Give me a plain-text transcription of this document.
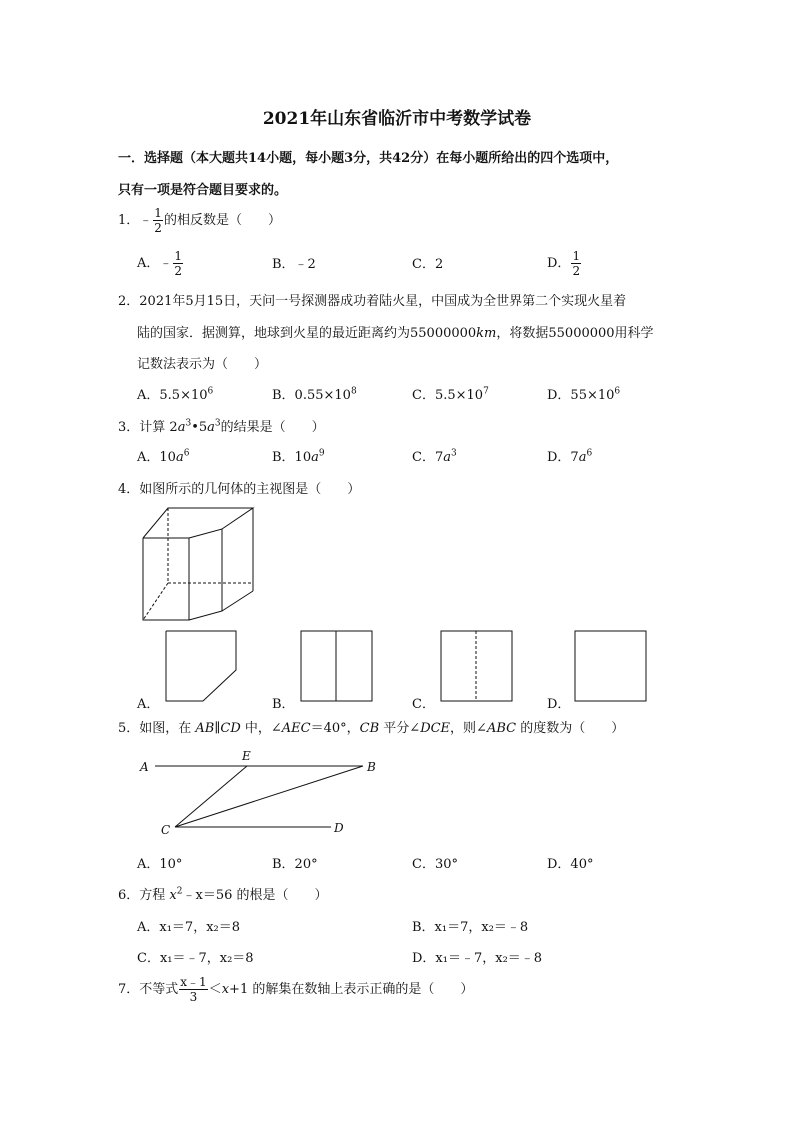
2021年山东省临沂市中考数学试卷
一．选择题（本大题共14小题，每小题3分，共42分）在每小题所给出的四个选项中，
只有一项是符合题目要求的。
1．﹣ $\frac{1}{2}$ 的相反数是（　　）
A．﹣ $\frac{1}{2}$	B．﹣2	C．2	D． $\frac{1}{2}$
2．2021年5月15日，天问一号探测器成功着陆火星，中国成为全世界第二个实现火星着
陆的国家．据测算，地球到火星的最近距离约为55000000km，将数据55000000用科学
记数法表示为（　　）
A．$5.5\times 10^6$	B．$0.55\times 10^8$	C．$5.5\times 10^7$	D．$55\times 10^6$
3．计算 $2a^3•5a^3$的结果是（　　）
A．$10a^6$	B．$10a^9$	C．$7a^3$	D．$7a^6$
4．如图所示的几何体的主视图是（　　）
A．	B．	C．	D．
5．如图，在 AB∥CD 中，∠AEC＝40°，CB 平分∠DCE，则∠ABC 的度数为（　　）
A
E
B
C	D
A．10°	B．20°	C．30°	D．40°
6．方程 $x^2﹣x=56$ 的根是（　　）
A．x₁＝7，x₂＝8	B．x₁＝7，x₂＝﹣8
C．x₁＝﹣7，x₂＝8	D．x₁＝﹣7，x₂＝﹣8
7．不等式 $\frac{x﹣1}{3} <x+1$ 的解集在数轴上表示正确的是（　　）
